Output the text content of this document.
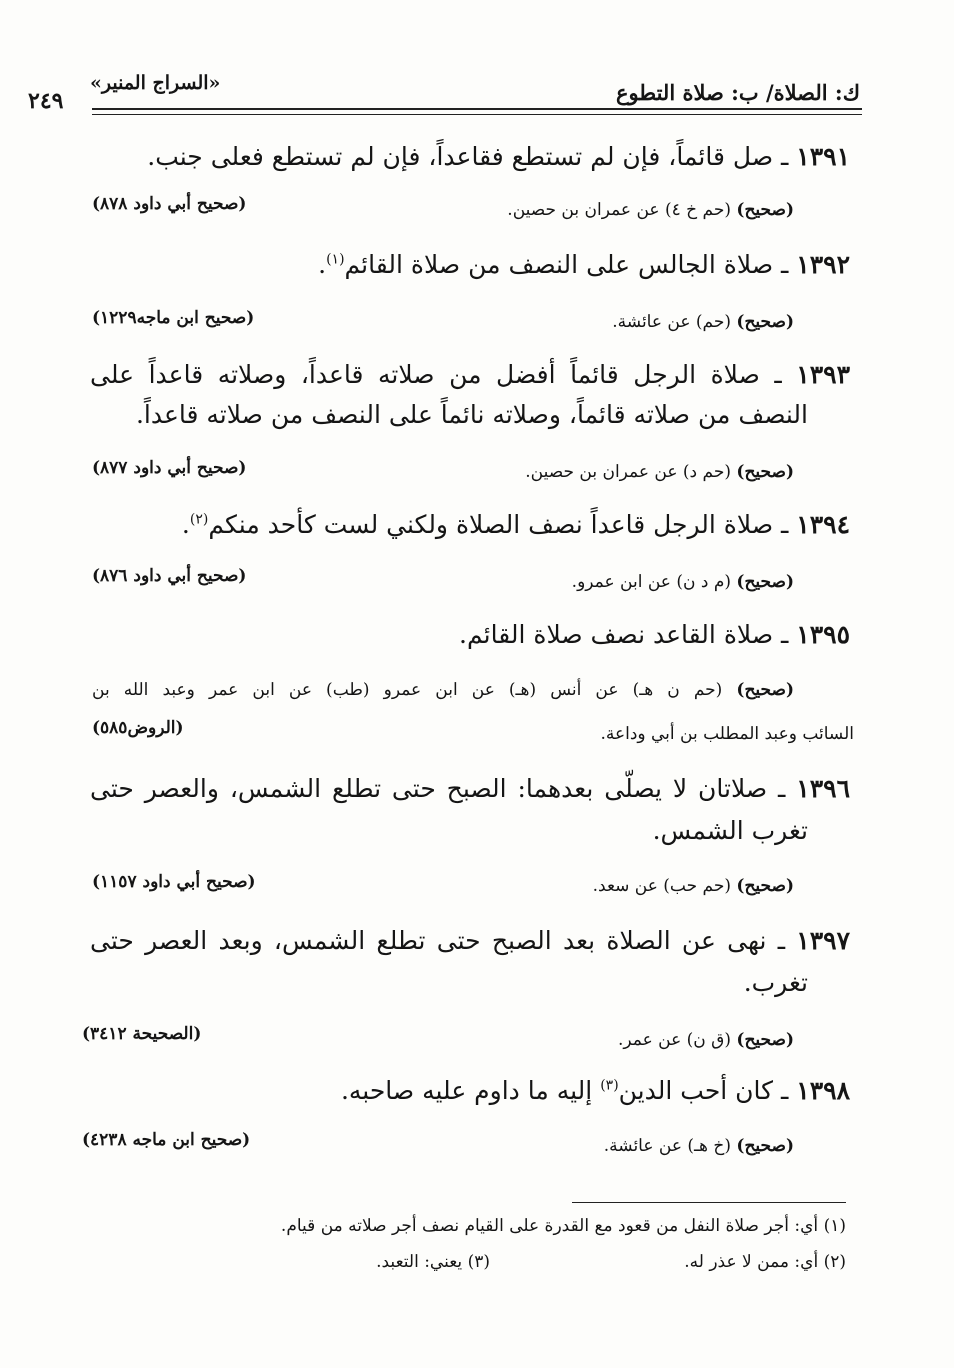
ك: الصلاة/ ب: صلاة التطوع
«السراج المنير»
٢٤٩
١٣٩١ ـ صل قائماً، فإن لم تستطع فقاعداً، فإن لم تستطع فعلى جنب.
(صحيح) (حم خ ٤) عن عمران بن حصين.
(صحيح أبي داود ٨٧٨)
١٣٩٢ ـ صلاة الجالس على النصف من صلاة القائم$^{(١)}$.
(صحيح) (حم) عن عائشة.
(صحيح ابن ماجه١٢٢٩)
١٣٩٣ ـ صلاة الرجل قائماً أفضل من صلاته قاعداً، وصلاته قاعداً على
النصف من صلاته قائماً، وصلاته نائماً على النصف من صلاته قاعداً.
(صحيح) (حم د) عن عمران بن حصين.
(صحيح أبي داود ٨٧٧)
١٣٩٤ ـ صلاة الرجل قاعداً نصف الصلاة ولكني لست كأحد منكم$^{(٢)}$.
(صحيح) (م د ن) عن ابن عمرو.
(صحيح أبي داود ٨٧٦)
١٣٩٥ ـ صلاة القاعد نصف صلاة القائم.
(صحيح) (حم ن هـ) عن أنس (هـ) عن ابن عمرو (طب) عن ابن عمر وعبد الله بن
السائب وعبد المطلب بن أبي وداعة.
(الروض٥٨٥)
١٣٩٦ ـ صلاتان لا يصلّى بعدهما: الصبح حتى تطلع الشمس، والعصر حتى
تغرب الشمس.
(صحيح) (حم حب) عن سعد.
(صحيح أبي داود ١١٥٧)
١٣٩٧ ـ نهى عن الصلاة بعد الصبح حتى تطلع الشمس، وبعد العصر حتى
تغرب.
(صحيح) (ق ن) عن عمر.
(الصحيحة ٣٤١٢)
١٣٩٨ ـ كان أحب الدين$^{(٣)}$ إليه ما داوم عليه صاحبه.
(صحيح) (خ هـ) عن عائشة.
(صحيح ابن ماجه ٤٢٣٨)
(١) أي: أجر صلاة النفل من قعود مع القدرة على القيام نصف أجر صلاته من قيام.
(٢) أي: ممن لا عذر له.
(٣) يعني: التعبد.
